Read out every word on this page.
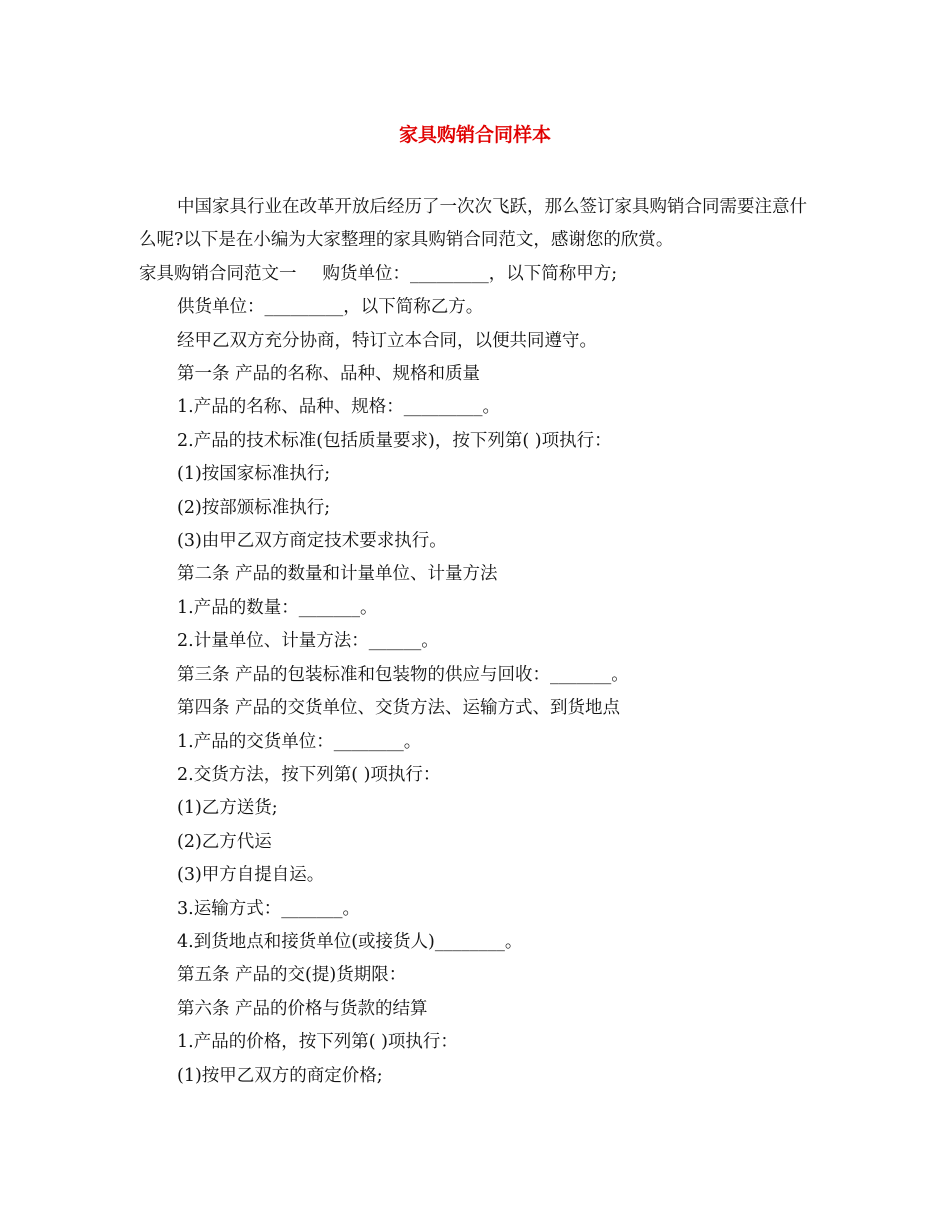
家具购销合同样本

中国家具行业在改革开放后经历了一次次飞跃，那么签订家具购销合同需要注意什么呢?以下是在小编为大家整理的家具购销合同范文，感谢您的欣赏。

家具购销合同范文一 购货单位：_________，以下简称甲方;

供货单位：_________，以下简称乙方。

经甲乙双方充分协商，特订立本合同，以便共同遵守。

第一条 产品的名称、品种、规格和质量

1.产品的名称、品种、规格：_________。

2.产品的技术标准(包括质量要求)，按下列第( )项执行：

(1)按国家标准执行;

(2)按部颁标准执行;

(3)由甲乙双方商定技术要求执行。

第二条 产品的数量和计量单位、计量方法

1.产品的数量：_______。

2.计量单位、计量方法：______。

第三条 产品的包装标准和包装物的供应与回收：_______。

第四条 产品的交货单位、交货方法、运输方式、到货地点

1.产品的交货单位：________。

2.交货方法，按下列第( )项执行：

(1)乙方送货;

(2)乙方代运

(3)甲方自提自运。

3.运输方式：_______。

4.到货地点和接货单位(或接货人)________。

第五条 产品的交(提)货期限：

第六条 产品的价格与货款的结算

1.产品的价格，按下列第( )项执行：

(1)按甲乙双方的商定价格;
